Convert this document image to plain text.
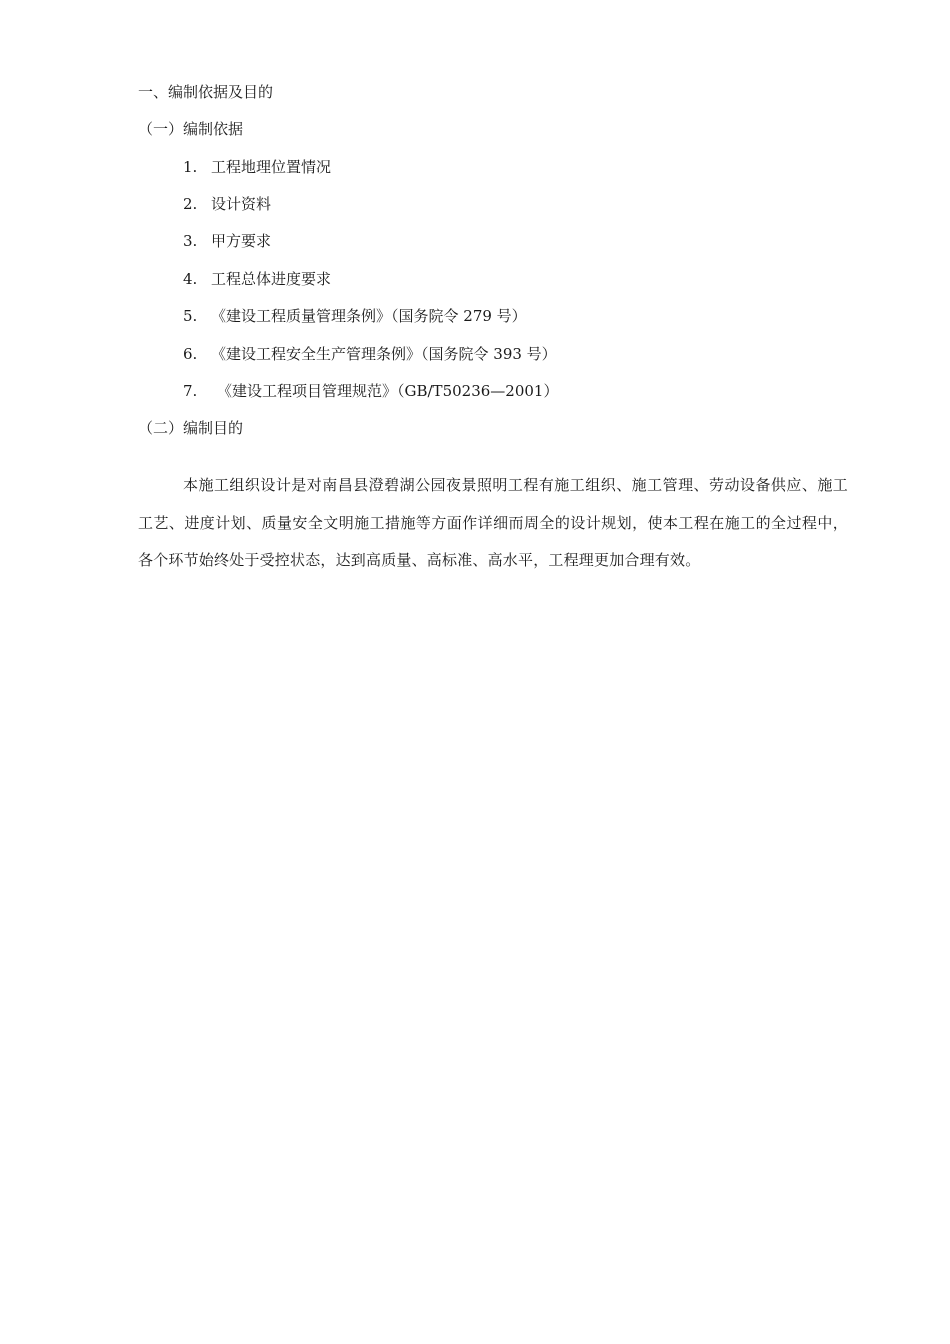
一、编制依据及目的
（一）编制依据
1. 工程地理位置情况
2. 设计资料
3. 甲方要求
4. 工程总体进度要求
5. 《建设工程质量管理条例》（国务院令 279 号）
6. 《建设工程安全生产管理条例》（国务院令 393 号）
7. 《建设工程项目管理规范》（GB/T50236—2001）
（二）编制目的

本施工组织设计是对南昌县澄碧湖公园夜景照明工程有施工组织、施工管理、劳动设备供应、施工工艺、进度计划、质量安全文明施工措施等方面作详细而周全的设计规划，使本工程在施工的全过程中，各个环节始终处于受控状态，达到高质量、高标准、高水平，工程理更加合理有效。
